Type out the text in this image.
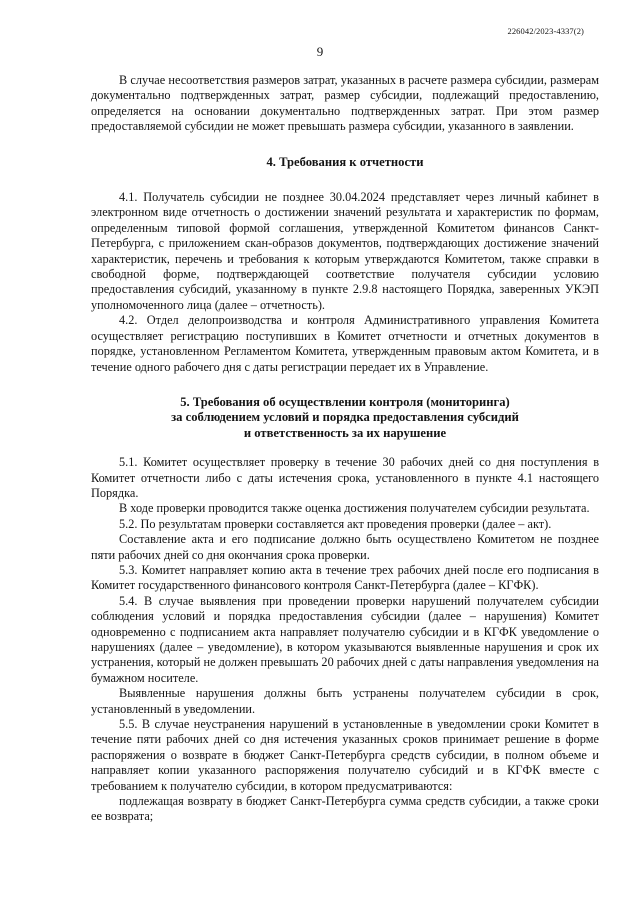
226042/2023-4337(2)
9

В случае несоответствия размеров затрат, указанных в расчете размера субсидии, размерам документально подтвержденных затрат, размер субсидии, подлежащий предоставлению, определяется на основании документально подтвержденных затрат. При этом размер предоставляемой субсидии не может превышать размера субсидии, указанного в заявлении.

4. Требования к отчетности

4.1. Получатель субсидии не позднее 30.04.2024 представляет через личный кабинет в электронном виде отчетность о достижении значений результата и характеристик по формам, определенным типовой формой соглашения, утвержденной Комитетом финансов Санкт-Петербурга, с приложением скан-образов документов, подтверждающих достижение значений характеристик, перечень и требования к которым утверждаются Комитетом, также справки в свободной форме, подтверждающей соответствие получателя субсидии условию предоставления субсидий, указанному в пункте 2.9.8 настоящего Порядка, заверенных УКЭП уполномоченного лица (далее – отчетность).

4.2. Отдел делопроизводства и контроля Административного управления Комитета осуществляет регистрацию поступивших в Комитет отчетности и отчетных документов в порядке, установленном Регламентом Комитета, утвержденным правовым актом Комитета, и в течение одного рабочего дня с даты регистрации передает их в Управление.

5. Требования об осуществлении контроля (мониторинга)
за соблюдением условий и порядка предоставления субсидий
и ответственность за их нарушение

5.1. Комитет осуществляет проверку в течение 30 рабочих дней со дня поступления в Комитет отчетности либо с даты истечения срока, установленного в пункте 4.1 настоящего Порядка.

В ходе проверки проводится также оценка достижения получателем субсидии результата.

5.2. По результатам проверки составляется акт проведения проверки (далее – акт).

Составление акта и его подписание должно быть осуществлено Комитетом не позднее пяти рабочих дней со дня окончания срока проверки.

5.3. Комитет направляет копию акта в течение трех рабочих дней после его подписания в Комитет государственного финансового контроля Санкт-Петербурга (далее – КГФК).

5.4. В случае выявления при проведении проверки нарушений получателем субсидии соблюдения условий и порядка предоставления субсидии (далее – нарушения) Комитет одновременно с подписанием акта направляет получателю субсидии и в КГФК уведомление о нарушениях (далее – уведомление), в котором указываются выявленные нарушения и срок их устранения, который не должен превышать 20 рабочих дней с даты направления уведомления на бумажном носителе.

Выявленные нарушения должны быть устранены получателем субсидии в срок, установленный в уведомлении.

5.5. В случае неустранения нарушений в установленные в уведомлении сроки Комитет в течение пяти рабочих дней со дня истечения указанных сроков принимает решение в форме распоряжения о возврате в бюджет Санкт-Петербурга средств субсидии, в полном объеме и направляет копии указанного распоряжения получателю субсидий и в КГФК вместе с требованием к получателю субсидии, в котором предусматриваются:

подлежащая возврату в бюджет Санкт-Петербурга сумма средств субсидии, а также сроки ее возврата;
